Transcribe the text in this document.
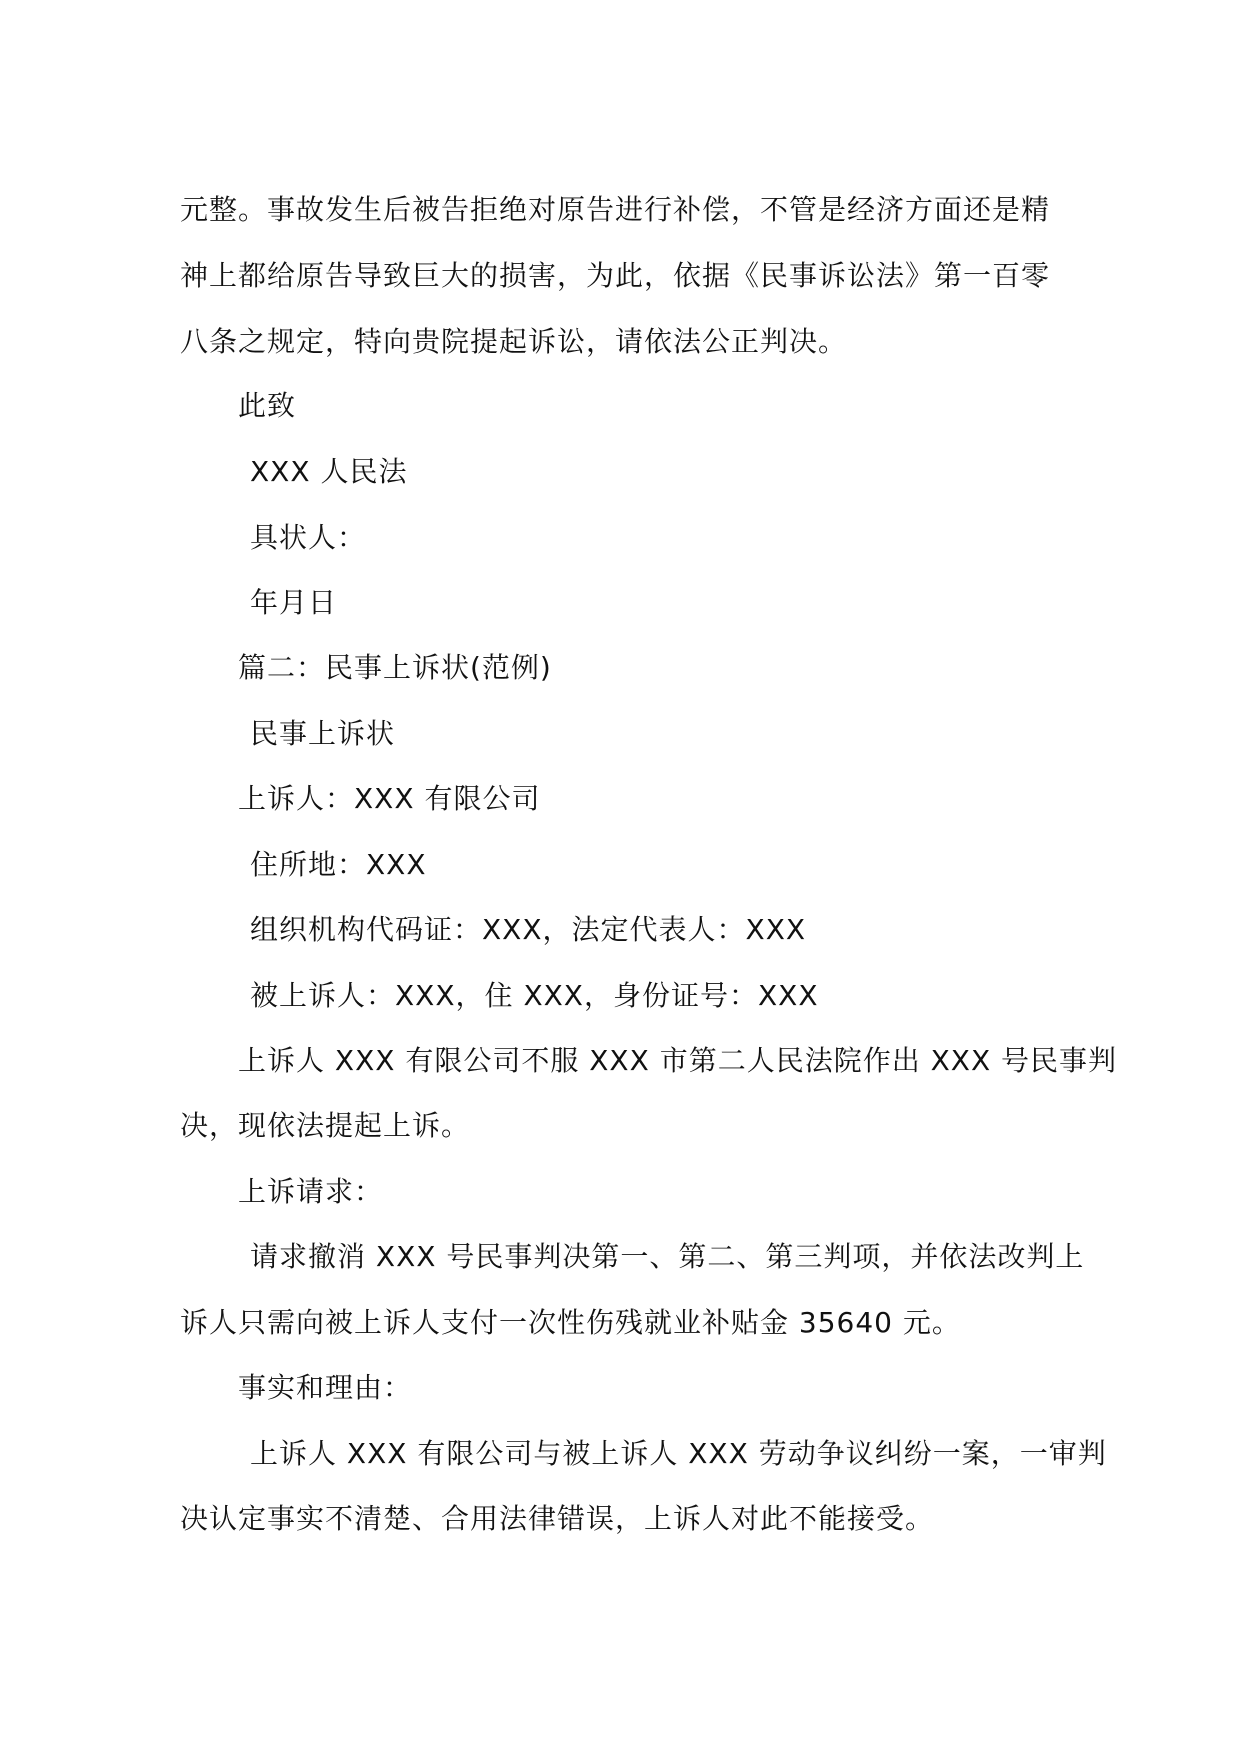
元整。事故发生后被告拒绝对原告进行补偿，不管是经济方面还是精
神上都给原告导致巨大的损害，为此，依据《民事诉讼法》第一百零
八条之规定，特向贵院提起诉讼，请依法公正判决。
此致
XXX 人民法
具状人：
年月日
篇二：民事上诉状(范例)
民事上诉状
上诉人：XXX 有限公司
住所地：XXX
组织机构代码证：XXX，法定代表人：XXX
被上诉人：XXX，住 XXX，身份证号：XXX
上诉人 XXX 有限公司不服 XXX 市第二人民法院作出 XXX 号民事判
决，现依法提起上诉。
上诉请求：
请求撤消 XXX 号民事判决第一、第二、第三判项，并依法改判上
诉人只需向被上诉人支付一次性伤残就业补贴金 35640 元。
事实和理由：
上诉人 XXX 有限公司与被上诉人 XXX 劳动争议纠纷一案，一审判
决认定事实不清楚、合用法律错误，上诉人对此不能接受。
